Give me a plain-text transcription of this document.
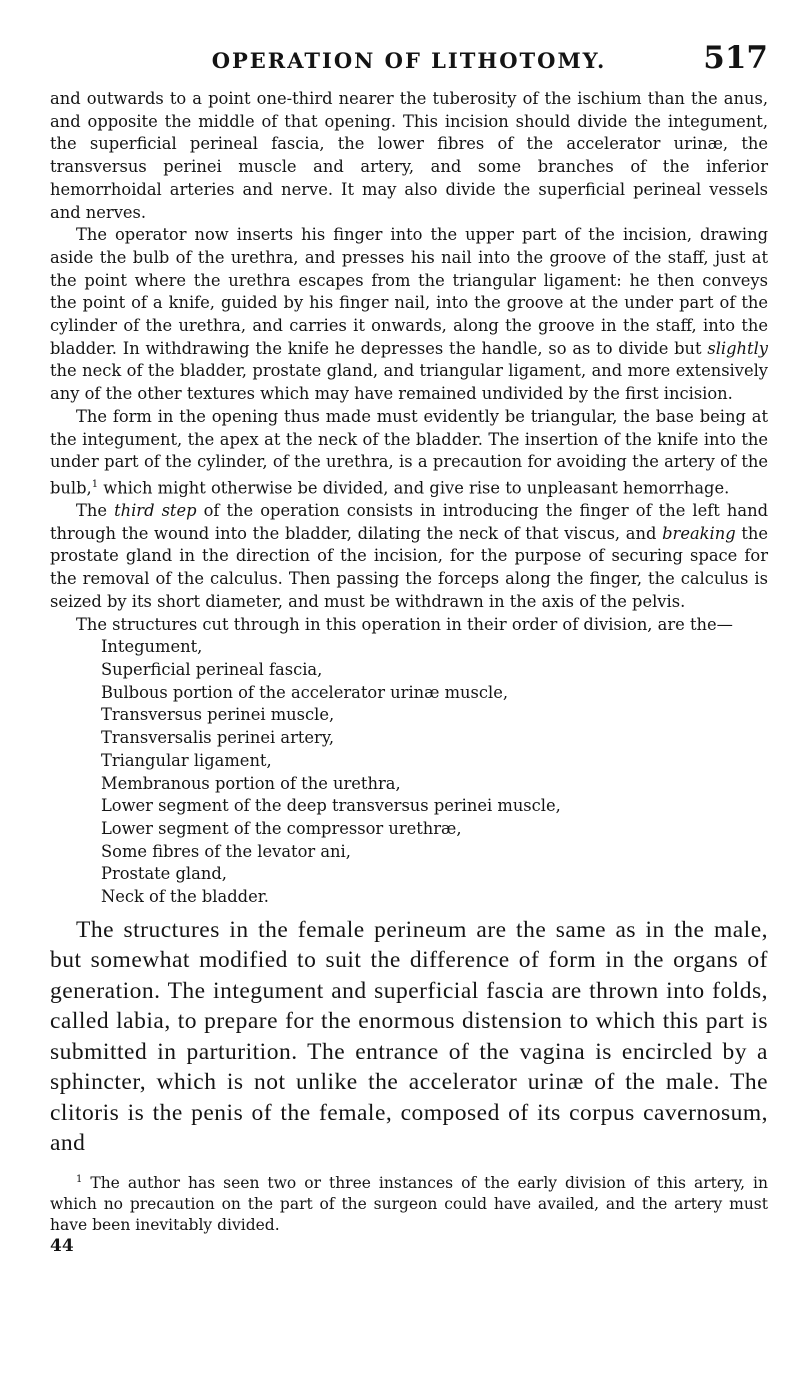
OPERATION OF LITHOTOMY.	517

and outwards to a point one-third nearer the tuberosity of the ischium than the anus, and opposite the middle of that opening. This incision should divide the integument, the superficial perineal fascia, the lower fibres of the accelerator urinæ, the transversus perinei muscle and artery, and some branches of the inferior hemorrhoidal arteries and nerve. It may also divide the superficial perineal vessels and nerves.

The operator now inserts his finger into the upper part of the incision, drawing aside the bulb of the urethra, and presses his nail into the groove of the staff, just at the point where the urethra escapes from the triangular ligament: he then conveys the point of a knife, guided by his finger nail, into the groove at the under part of the cylinder of the urethra, and carries it onwards, along the groove in the staff, into the bladder. In withdrawing the knife he depresses the handle, so as to divide but slightly the neck of the bladder, prostate gland, and triangular ligament, and more extensively any of the other textures which may have remained undivided by the first incision.

The form in the opening thus made must evidently be triangular, the base being at the integument, the apex at the neck of the bladder. The insertion of the knife into the under part of the cylinder, of the urethra, is a precaution for avoiding the artery of the bulb,$^1$ which might otherwise be divided, and give rise to unpleasant hemorrhage.

The third step of the operation consists in introducing the finger of the left hand through the wound into the bladder, dilating the neck of that viscus, and breaking the prostate gland in the direction of the incision, for the purpose of securing space for the removal of the calculus. Then passing the forceps along the finger, the calculus is seized by its short diameter, and must be withdrawn in the axis of the pelvis.

The structures cut through in this operation in their order of division, are the—

Integument,
Superficial perineal fascia,
Bulbous portion of the accelerator urinæ muscle,
Transversus perinei muscle,
Transversalis perinei artery,
Triangular ligament,
Membranous portion of the urethra,
Lower segment of the deep transversus perinei muscle,
Lower segment of the compressor urethræ,
Some fibres of the levator ani,
Prostate gland,
Neck of the bladder.

The structures in the female perineum are the same as in the male, but somewhat modified to suit the difference of form in the organs of generation. The integument and superficial fascia are thrown into folds, called labia, to prepare for the enormous distension to which this part is submitted in parturition. The entrance of the vagina is encircled by a sphincter, which is not unlike the accelerator urinæ of the male. The clitoris is the penis of the female, composed of its corpus cavernosum, and

$^1$ The author has seen two or three instances of the early division of this artery, in which no precaution on the part of the surgeon could have availed, and the artery must have been inevitably divided.

44
